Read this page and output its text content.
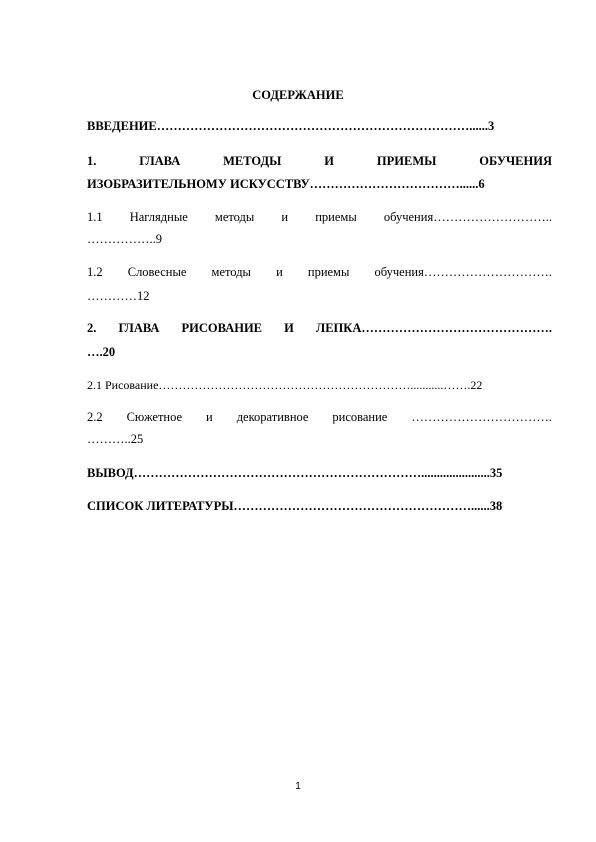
СОДЕРЖАНИЕ
ВВЕДЕНИЕ…………………………………………………………………......3
1.	ГЛАВА	МЕТОДЫ	И	ПРИЕМЫ	ОБУЧЕНИЯ
ИЗОБРАЗИТЕЛЬНОМУ ИСКУССТВУ………………………………......6
1.1 Наглядные методы и приемы обучения………………………..
……………..9
1.2 Словесные методы и приемы обучения………………………….
…………12
2. ГЛАВА РИСОВАНИЕ И ЛЕПКА……………………………………….
….20
2.1 Рисование………………………………………………………...........…….22
2.2 Сюжетное и декоративное рисование …………………………….
………..25
ВЫВОД……………………………………………………………......................35
СПИСОК ЛИТЕРАТУРЫ…………………………………………………......38
1
